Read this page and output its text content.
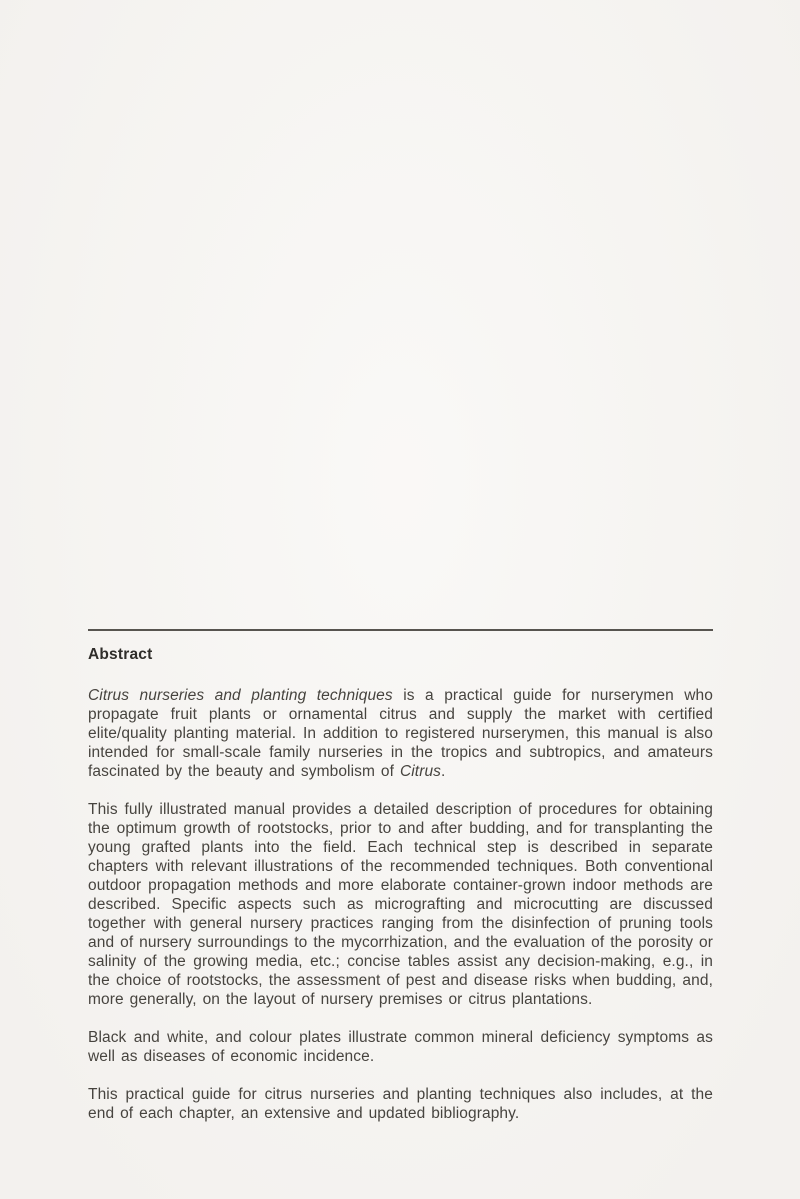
Abstract

Citrus nurseries and planting techniques is a practical guide for nurserymen who propagate fruit plants or ornamental citrus and supply the market with certified elite/quality planting material. In addition to registered nurserymen, this manual is also intended for small-scale family nurseries in the tropics and subtropics, and amateurs fascinated by the beauty and symbolism of Citrus.

This fully illustrated manual provides a detailed description of procedures for obtaining the optimum growth of rootstocks, prior to and after budding, and for transplanting the young grafted plants into the field. Each technical step is described in separate chapters with relevant illustrations of the recommended techniques. Both conventional outdoor propagation methods and more elaborate container-grown indoor methods are described. Specific aspects such as micrografting and microcutting are discussed together with general nursery practices ranging from the disinfection of pruning tools and of nursery surroundings to the mycorrhization, and the evaluation of the porosity or salinity of the growing media, etc.; concise tables assist any decision-making, e.g., in the choice of rootstocks, the assessment of pest and disease risks when budding, and, more generally, on the layout of nursery premises or citrus plantations.

Black and white, and colour plates illustrate common mineral deficiency symptoms as well as diseases of economic incidence.

This practical guide for citrus nurseries and planting techniques also includes, at the end of each chapter, an extensive and updated bibliography.
